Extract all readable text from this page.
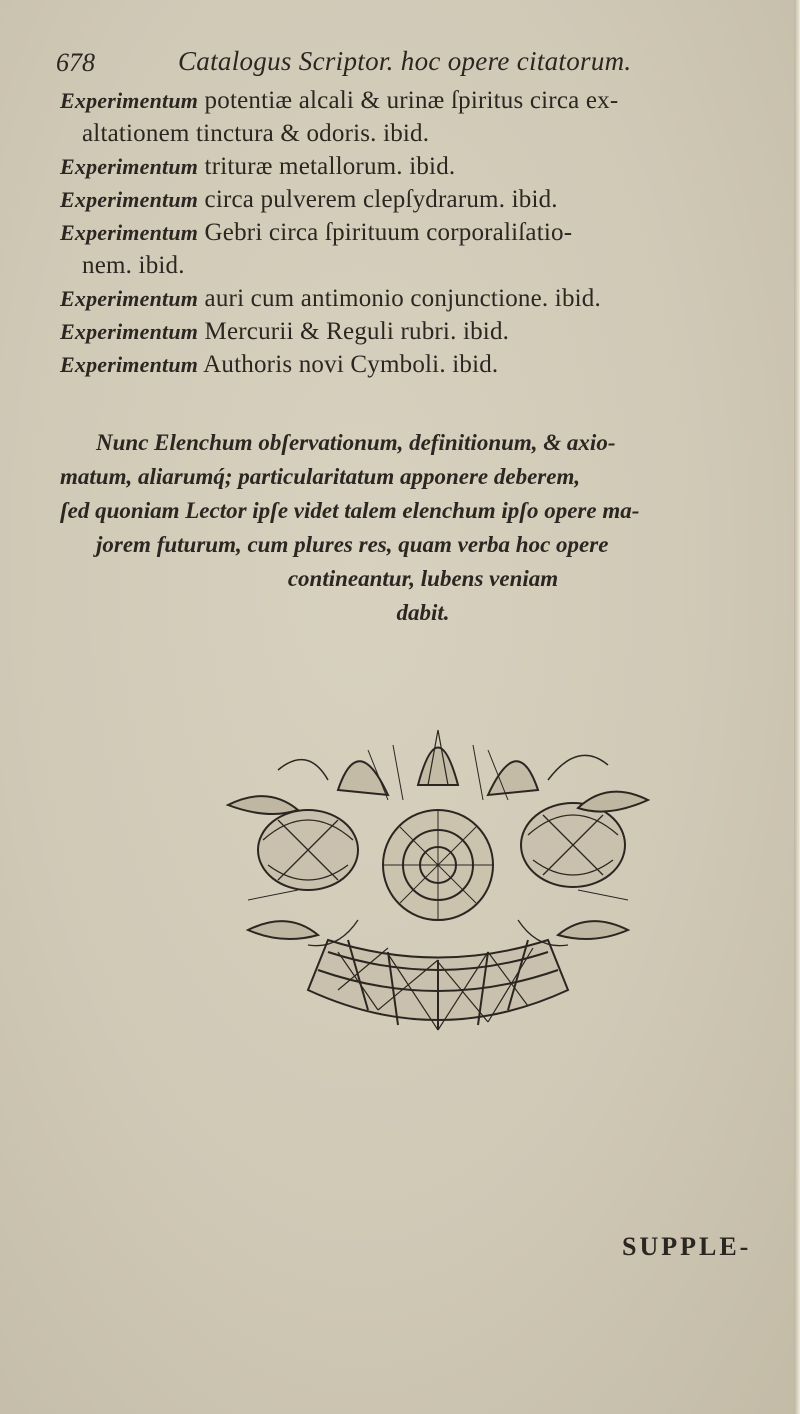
678	Catalogus Scriptor. hoc opere citatorum.
Experimentum potentiæ alcali & urinæ ſpiritus circa ex-
altationem tinctura & odoris. ibid.
Experimentum trituræ metallorum. ibid.
Experimentum circa pulverem clepſydrarum. ibid.
Experimentum Gebri circa ſpirituum corporaliſatio-
nem. ibid.
Experimentum auri cum antimonio conjunctione. ibid.
Experimentum Mercurii & Reguli rubri. ibid.
Experimentum Authoris novi Cymboli. ibid.
Nunc Elenchum obſervationum, definitionum, & axio-
matum, aliarumq́; particularitatum apponere deberem,
ſed quoniam Lector ipſe videt talem elenchum ipſo opere ma-
jorem futurum, cum plures res, quam verba hoc opere
contineantur, lubens veniam
dabit.
SUPPLE-
